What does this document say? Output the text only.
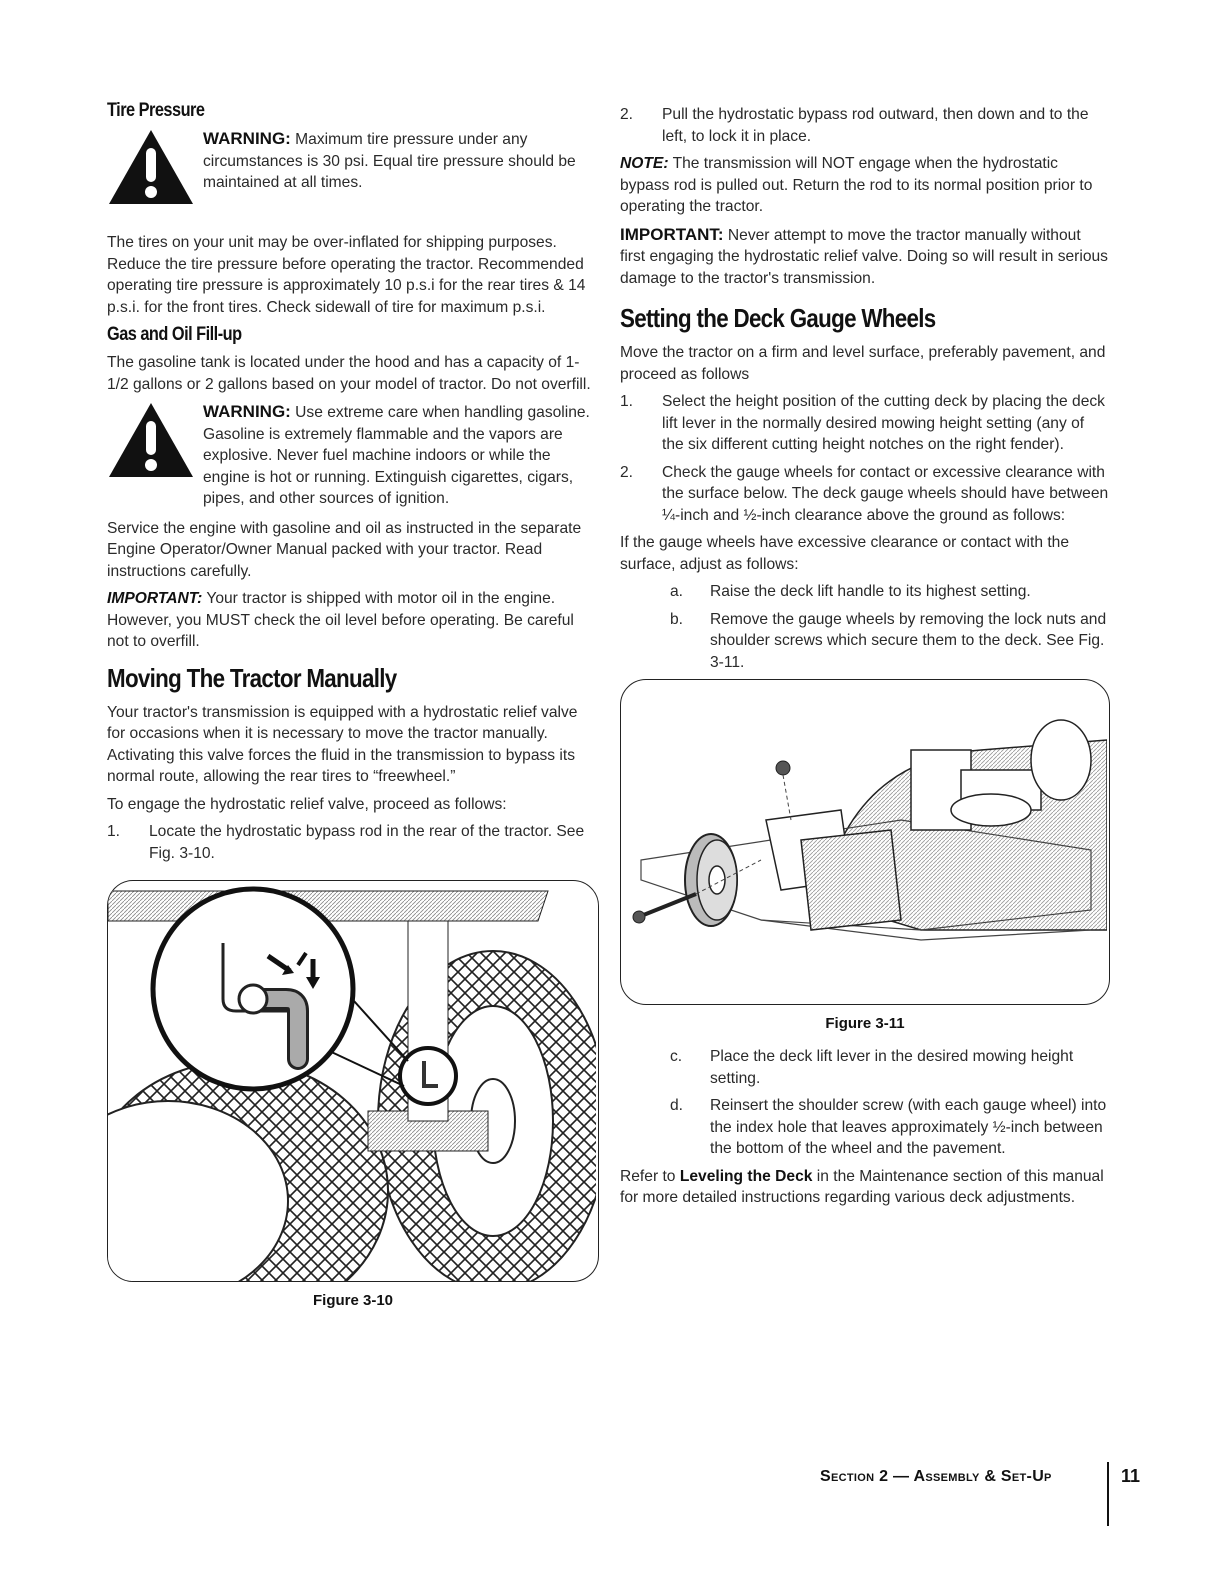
Tire Pressure
WARNING: Maximum tire pressure under any circumstances is 30 psi. Equal tire pressure should be maintained at all times.

The tires on your unit may be over-inflated for shipping purposes. Reduce the tire pressure before operating the tractor. Recommended operating tire pressure is approximately 10 p.s.i for the rear tires & 14 p.s.i. for the front tires. Check sidewall of tire for maximum p.s.i.

Gas and Oil Fill-up

The gasoline tank is located under the hood and has a capacity of 1-1/2 gallons or 2 gallons based on your model of tractor. Do not overfill.

WARNING: Use extreme care when handling gasoline. Gasoline is extremely flammable and the vapors are explosive. Never fuel machine indoors or while the engine is hot or running. Extinguish cigarettes, cigars, pipes, and other sources of ignition.

Service the engine with gasoline and oil as instructed in the separate Engine Operator/Owner Manual packed with your tractor. Read instructions carefully.

IMPORTANT: Your tractor is shipped with motor oil in the engine. However, you MUST check the oil level before operating. Be careful not to overfill.

Moving The Tractor Manually

Your tractor's transmission is equipped with a hydrostatic relief valve for occasions when it is necessary to move the tractor manually. Activating this valve forces the fluid in the transmission to bypass its normal route, allowing the rear tires to “freewheel.”

To engage the hydrostatic relief valve, proceed as follows:

1.	Locate the hydrostatic bypass rod in the rear of the tractor. See Fig. 3-10.
Figure 3-10
2.	Pull the hydrostatic bypass rod outward, then down and to the left, to lock it in place.

NOTE: The transmission will NOT engage when the hydrostatic bypass rod is pulled out. Return the rod to its normal position prior to operating the tractor.

IMPORTANT: Never attempt to move the tractor manually without first engaging the hydrostatic relief valve. Doing so will result in serious damage to the tractor's transmission.

Setting the Deck Gauge Wheels

Move the tractor on a firm and level surface, preferably pavement, and proceed as follows

1.	Select the height position of the cutting deck by placing the deck lift lever in the normally desired mowing height setting (any of the six different cutting height notches on the right fender).
2.	Check the gauge wheels for contact or excessive clearance with the surface below. The deck gauge wheels should have between ¼-inch and ½-inch clearance above the ground as follows:

If the gauge wheels have excessive clearance or contact with the surface, adjust as follows:

a.	Raise the deck lift handle to its highest setting.
b.	Remove the gauge wheels by removing the lock nuts and shoulder screws which secure them to the deck. See Fig. 3-11.
Figure 3-11
c.	Place the deck lift lever in the desired mowing height setting.
d.	Reinsert the shoulder screw (with each gauge wheel) into the index hole that leaves approximately ½-inch between the bottom of the wheel and the pavement.

Refer to Leveling the Deck in the Maintenance section of this manual for more detailed instructions regarding various deck adjustments.

Section 2 — Assembly & Set-Up	11
